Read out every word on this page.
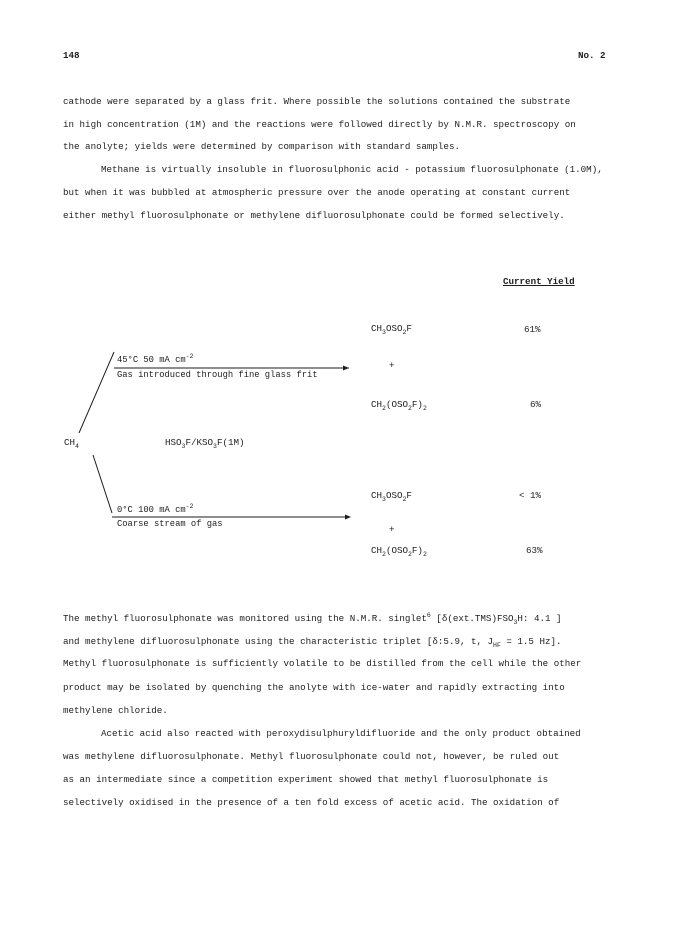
148	No. 2
cathode were separated by a glass frit. Where possible the solutions contained the substrate
in high concentration (1M) and the reactions were followed directly by N.M.R. spectroscopy on
the anolyte; yields were determined by comparison with standard samples.
Methane is virtually insoluble in fluorosulphonic acid - potassium fluorosulphonate (1.0M),
but when it was bubbled at atmospheric pressure over the anode operating at constant current
either methyl fluorosulphonate or methylene difluorosulphonate could be formed selectively.
Current Yield
45°C 50 mA $cm^{-2}$
Gas introduced through fine glass frit
$CH_3OSO_2F$	61%
+
$CH_2(OSO_2F)_2$	6%
$CH_4$	$HSO_3F/KSO_3F(1M)$
0°C 100 mA $cm^{-2}$
Coarse stream of gas
$CH_3OSO_2F$	< 1%
+
$CH_2(OSO_2F)_2$	63%
The methyl fluorosulphonate was monitored using the N.M.R. singlet$^6$ [$\delta(ext.TMS)FSO_3H$: 4.1 ]
and methylene difluorosulphonate using the characteristic triplet [δ:5.9, t, $J_{HF} = 1.5$ Hz].
Methyl fluorosulphonate is sufficiently volatile to be distilled from the cell while the other
product may be isolated by quenching the anolyte with ice-water and rapidly extracting into
methylene chloride.
Acetic acid also reacted with peroxydisulphuryldifluoride and the only product obtained
was methylene difluorosulphonate. Methyl fluorosulphonate could not, however, be ruled out
as an intermediate since a competition experiment showed that methyl fluorosulphonate is
selectively oxidised in the presence of a ten fold excess of acetic acid. The oxidation of
